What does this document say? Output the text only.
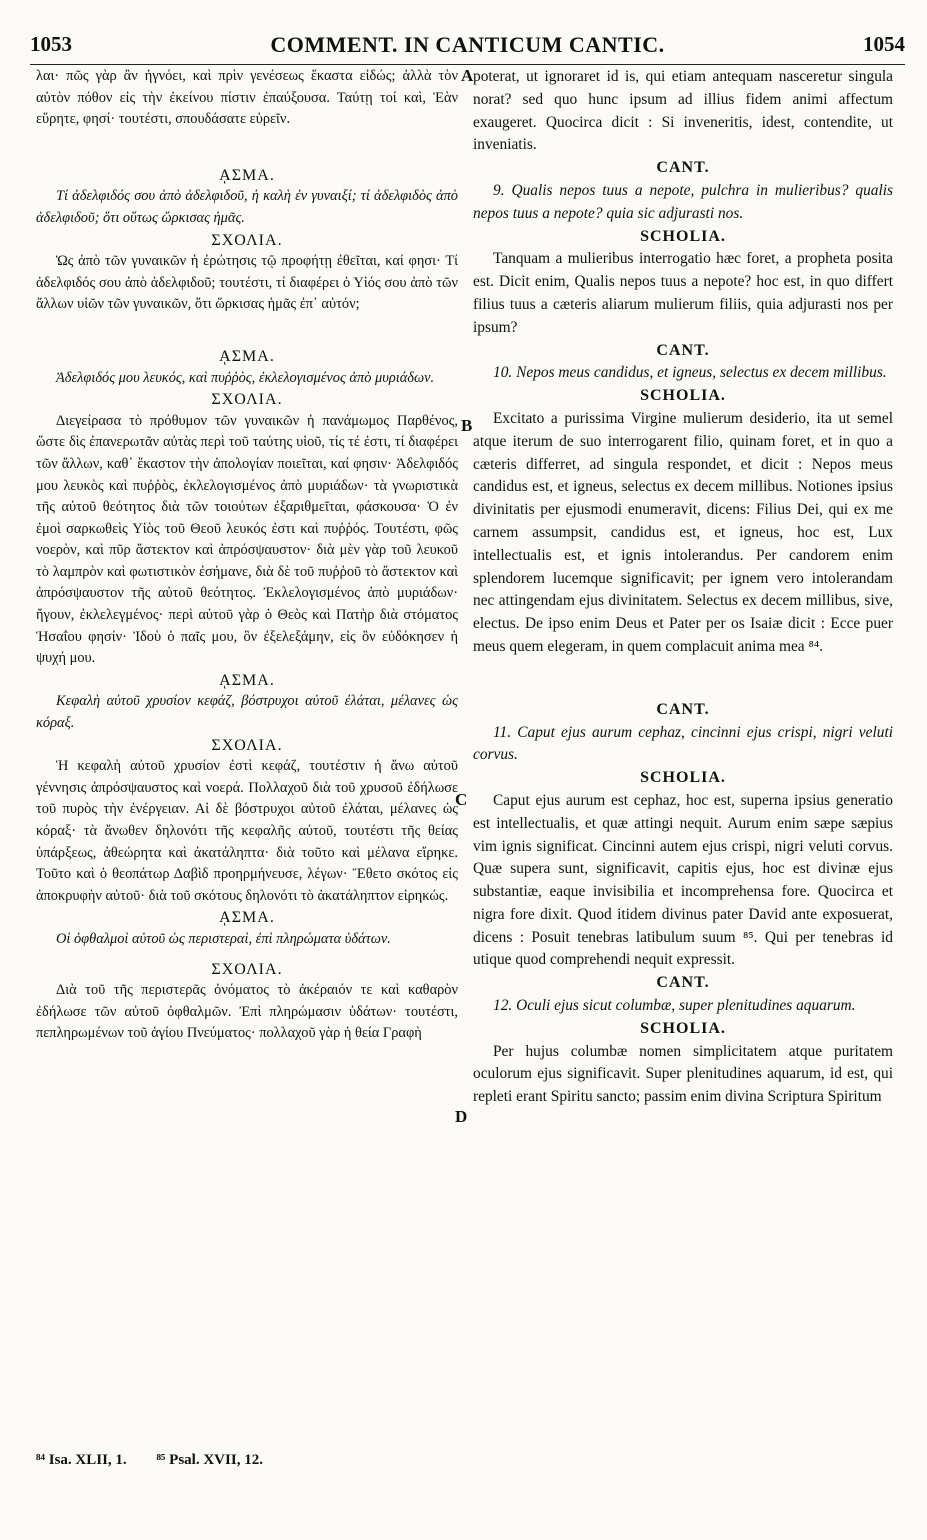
1053	COMMENT. IN CANTICUM CANTIC.	1054

λαι· πῶς γὰρ ἂν ἠγνόει, καὶ πρὶν γενέσεως ἕκαστα εἰδώς; ἀλλὰ τὸν αὐτὸν πόθον εἰς τὴν ἐκείνου πίστιν ἐπαύξουσα. Ταύτῃ τοί καὶ, Ἐὰν εὕρητε, φησί· τουτέστι, σπουδάσατε εὑρεῖν.

ᾼΣΜΑ.

Τί ἀδελφιδός σου ἀπὸ ἀδελφιδοῦ, ἡ καλὴ ἐν γυναιξί; τί ἀδελφιδὸς ἀπὸ ἀδελφιδοῦ; ὅτι οὕτως ὥρκισας ἡμᾶς.

ΣΧΟΛΙΑ.

Ὡς ἀπὸ τῶν γυναικῶν ἡ ἐρώτησις τῷ προφήτῃ ἐθεῖται, καί φησι· Τί ἀδελφιδός σου ἀπὸ ἀδελφιδοῦ; τουτέστι, τί διαφέρει ὁ Υἱός σου ἀπὸ τῶν ἄλλων υἱῶν τῶν γυναικῶν, ὅτι ὥρκισας ἡμᾶς ἐπ᾽ αὐτόν;

ᾼΣΜΑ.

Ἀδελφιδός μου λευκός, καὶ πυῤῥὸς, ἐκλελογισμένος ἀπὸ μυριάδων.

ΣΧΟΛΙΑ.

Διεγείρασα τὸ πρόθυμον τῶν γυναικῶν ἡ πανάμωμος Παρθένος, ὥστε δὶς ἐπανερωτᾶν αὐτὰς περὶ τοῦ ταύτης υἱοῦ, τίς τέ ἐστι, τί διαφέρει τῶν ἄλλων, καθ᾽ ἕκαστον τὴν ἀπολογίαν ποιεῖται, καί φησιν· Ἀδελφιδός μου λευκὸς καὶ πυῤῥὸς, ἐκλελογισμένος ἀπὸ μυριάδων· τὰ γνωριστικὰ τῆς αὐτοῦ θεότητος διὰ τῶν τοιούτων ἐξαριθμεῖται, φάσκουσα· Ὁ ἐν ἐμοὶ σαρκωθεὶς Υἱὸς τοῦ Θεοῦ λευκός ἐστι καὶ πυῤῥός. Τουτέστι, φῶς νοερὸν, καὶ πῦρ ἄστεκτον καὶ ἀπρόσψαυστον· διὰ μὲν γὰρ τοῦ λευκοῦ τὸ λαμπρὸν καὶ φωτιστικὸν ἐσήμανε, διὰ δὲ τοῦ πυῤῥοῦ τὸ ἄστεκτον καὶ ἀπρόσψαυστον τῆς αὐτοῦ θεότητος. Ἐκλελογισμένος ἀπὸ μυριάδων· ἤγουν, ἐκλελεγμένος· περὶ αὐτοῦ γὰρ ὁ Θεὸς καὶ Πατὴρ διὰ στόματος Ἡσαΐου φησίν· Ἰδοὺ ὁ παῖς μου, ὃν ἐξελεξάμην, εἰς ὃν εὐδόκησεν ἡ ψυχή μου.

ᾼΣΜΑ.

Κεφαλὴ αὐτοῦ χρυσίον κεφάζ, βόστρυχοι αὐτοῦ ἐλάται, μέλανες ὡς κόραξ.

ΣΧΟΛΙΑ.

Ἡ κεφαλὴ αὐτοῦ χρυσίον ἐστὶ κεφάζ, τουτέστιν ἡ ἄνω αὐτοῦ γέννησις ἀπρόσψαυστος καὶ νοερά. Πολλαχοῦ διὰ τοῦ χρυσοῦ ἐδήλωσε τοῦ πυρὸς τὴν ἐνέργειαν. Αἱ δὲ βόστρυχοι αὐτοῦ ἐλάται, μέλανες ὡς κόραξ· τὰ ἄνωθεν δηλονότι τῆς κεφαλῆς αὐτοῦ, τουτέστι τῆς θείας ὑπάρξεως, ἀθεώρητα καὶ ἀκατάληπτα· διὰ τοῦτο καὶ μέλανα εἴρηκε. Τοῦτο καὶ ὁ θεοπάτωρ Δαβὶδ προηρμήνευσε, λέγων· Ἔθετο σκότος εἰς ἀποκρυφὴν αὐτοῦ· διὰ τοῦ σκότους δηλονότι τὸ ἀκατάληπτον εἰρηκώς.

ᾼΣΜΑ.

Οἱ ὀφθαλμοὶ αὐτοῦ ὡς περιστεραὶ, ἐπὶ πληρώματα ὑδάτων.

ΣΧΟΛΙΑ.

Διὰ τοῦ τῆς περιστερᾶς ὀνόματος τὸ ἀκέραιόν τε καὶ καθαρὸν ἐδήλωσε τῶν αὐτοῦ ὀφθαλμῶν. Ἐπὶ πληρώμασιν ὑδάτων· τουτέστι, πεπληρωμένων τοῦ ἁγίου Πνεύματος· πολλαχοῦ γὰρ ἡ θεία Γραφὴ

poterat, ut ignoraret id is, qui etiam antequam nasceretur singula norat? sed quo hunc ipsum ad illius fidem animi affectum exaugeret. Quocirca dicit : Si inveneritis, idest, contendite, ut inveniatis.

CANT.

9. Qualis nepos tuus a nepote, pulchra in mulieribus? qualis nepos tuus a nepote? quia sic adjurasti nos.

SCHOLIA.

Tanquam a mulieribus interrogatio hæc foret, a propheta posita est. Dicit enim, Qualis nepos tuus a nepote? hoc est, in quo differt filius tuus a cæteris aliarum mulierum filiis, quia adjurasti nos per ipsum?

CANT.

10. Nepos meus candidus, et igneus, selectus ex decem millibus.

SCHOLIA.

Excitato a purissima Virgine mulierum desiderio, ita ut semel atque iterum de suo interrogarent filio, quinam foret, et in quo a cæteris differret, ad singula respondet, et dicit : Nepos meus candidus est, et igneus, selectus ex decem millibus. Notiones ipsius divinitatis per ejusmodi enumeravit, dicens: Filius Dei, qui ex me carnem assumpsit, candidus est, et igneus, hoc est, Lux intellectualis est, et ignis intolerandus. Per candorem enim splendorem lucemque significavit; per ignem vero intolerandam nec attingendam ejus divinitatem. Selectus ex decem millibus, sive, electus. De ipso enim Deus et Pater per os Isaiæ dicit : Ecce puer meus quem elegeram, in quem complacuit anima mea ⁸⁴.

CANT.

11. Caput ejus aurum cephaz, cincinni ejus crispi, nigri veluti corvus.

SCHOLIA.

Caput ejus aurum est cephaz, hoc est, superna ipsius generatio est intellectualis, et quæ attingi nequit. Aurum enim sæpe sæpius vim ignis significat. Cincinni autem ejus crispi, nigri veluti corvus. Quæ supera sunt, significavit, capitis ejus, hoc est divinæ ejus substantiæ, eaque invisibilia et incomprehensa fore. Quocirca et nigra fore dixit. Quod itidem divinus pater David ante exposuerat, dicens : Posuit tenebras latibulum suum ⁸⁵. Qui per tenebras id utique quod comprehendi nequit expressit.

CANT.

12. Oculi ejus sicut columbæ, super plenitudines aquarum.

SCHOLIA.

Per hujus columbæ nomen simplicitatem atque puritatem oculorum ejus significavit. Super plenitudines aquarum, id est, qui repleti erant Spiritu sancto; passim enim divina Scriptura Spiritum

A
B
C
D
⁸⁴ Isa. XLII, 1. ⁸⁵ Psal. XVII, 12.
